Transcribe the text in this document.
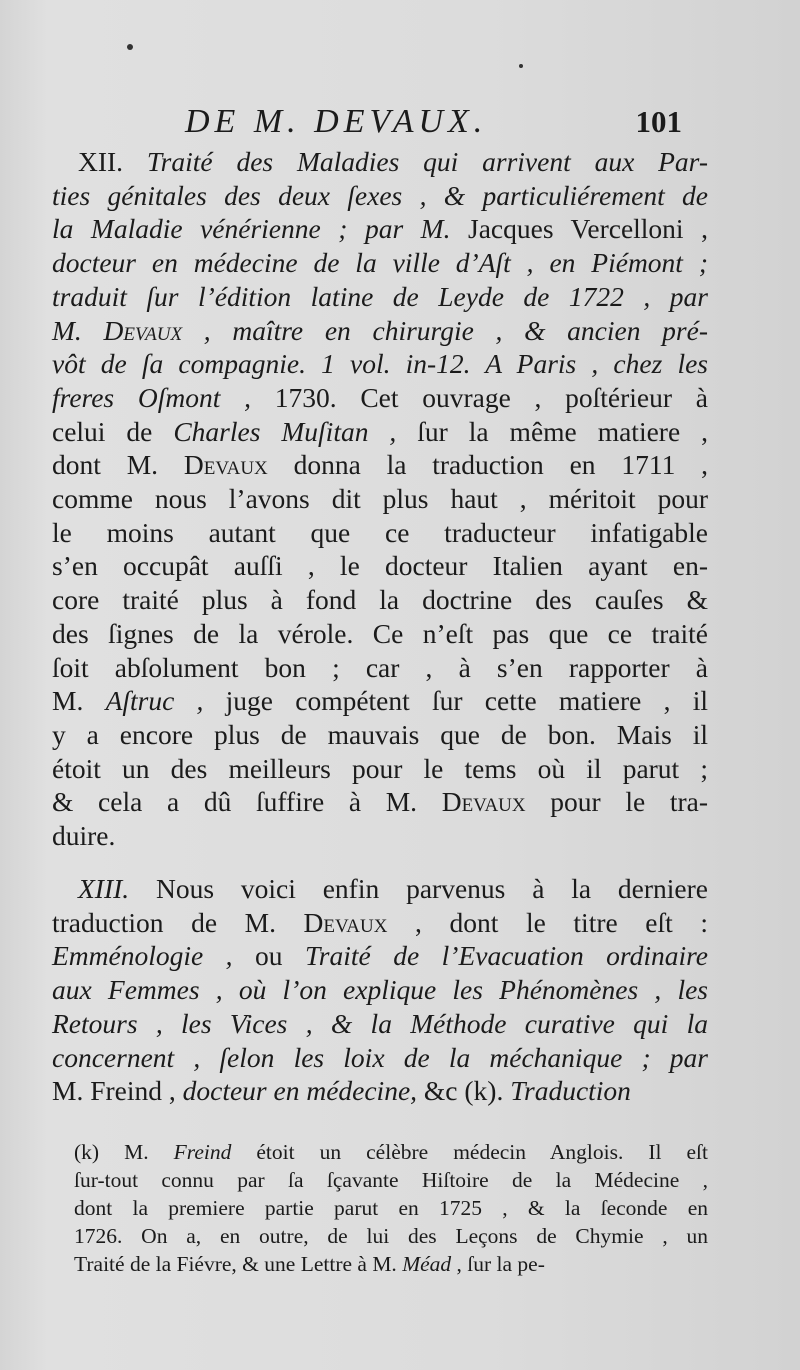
DE M. DEVAUX.	101
XII. Traité des Maladies qui arrivent aux Par-
ties génitales des deux ſexes , & particuliérement de
la Maladie vénérienne ; par M. Jacques Vercelloni ,
docteur en médecine de la ville d’Aſt , en Piémont ;
traduit ſur l’édition latine de Leyde de 1722 , par
M. Devaux , maître en chirurgie , & ancien pré-
vôt de ſa compagnie. 1 vol. in-12. A Paris , chez les
freres Oſmont , 1730. Cet ouvrage , poſtérieur à
celui de Charles Muſitan , ſur la même matiere ,
dont M. Devaux donna la traduction en 1711 ,
comme nous l’avons dit plus haut , méritoit pour
le moins autant que ce traducteur infatigable
s’en occupât auſſi , le docteur Italien ayant en-
core traité plus à fond la doctrine des cauſes &
des ſignes de la vérole. Ce n’eſt pas que ce traité
ſoit abſolument bon ; car , à s’en rapporter à
M. Aſtruc , juge compétent ſur cette matiere , il
y a encore plus de mauvais que de bon. Mais il
étoit un des meilleurs pour le tems où il parut ;
& cela a dû ſuffire à M. Devaux pour le tra-
duire.
XIII. Nous voici enfin parvenus à la derniere
traduction de M. Devaux , dont le titre eſt :
Emménologie , ou Traité de l’Evacuation ordinaire
aux Femmes , où l’on explique les Phénomènes , les
Retours , les Vices , & la Méthode curative qui la
concernent , ſelon les loix de la méchanique ; par
M. Freind , docteur en médecine, &c (k). Traduction
(k) M. Freind étoit un célèbre médecin Anglois. Il eſt
ſur-tout connu par ſa ſçavante Hiſtoire de la Médecine ,
dont la premiere partie parut en 1725 , & la ſeconde en
1726. On a, en outre, de lui des Leçons de Chymie , un
Traité de la Fiévre, & une Lettre à M. Méad , ſur la pe-
